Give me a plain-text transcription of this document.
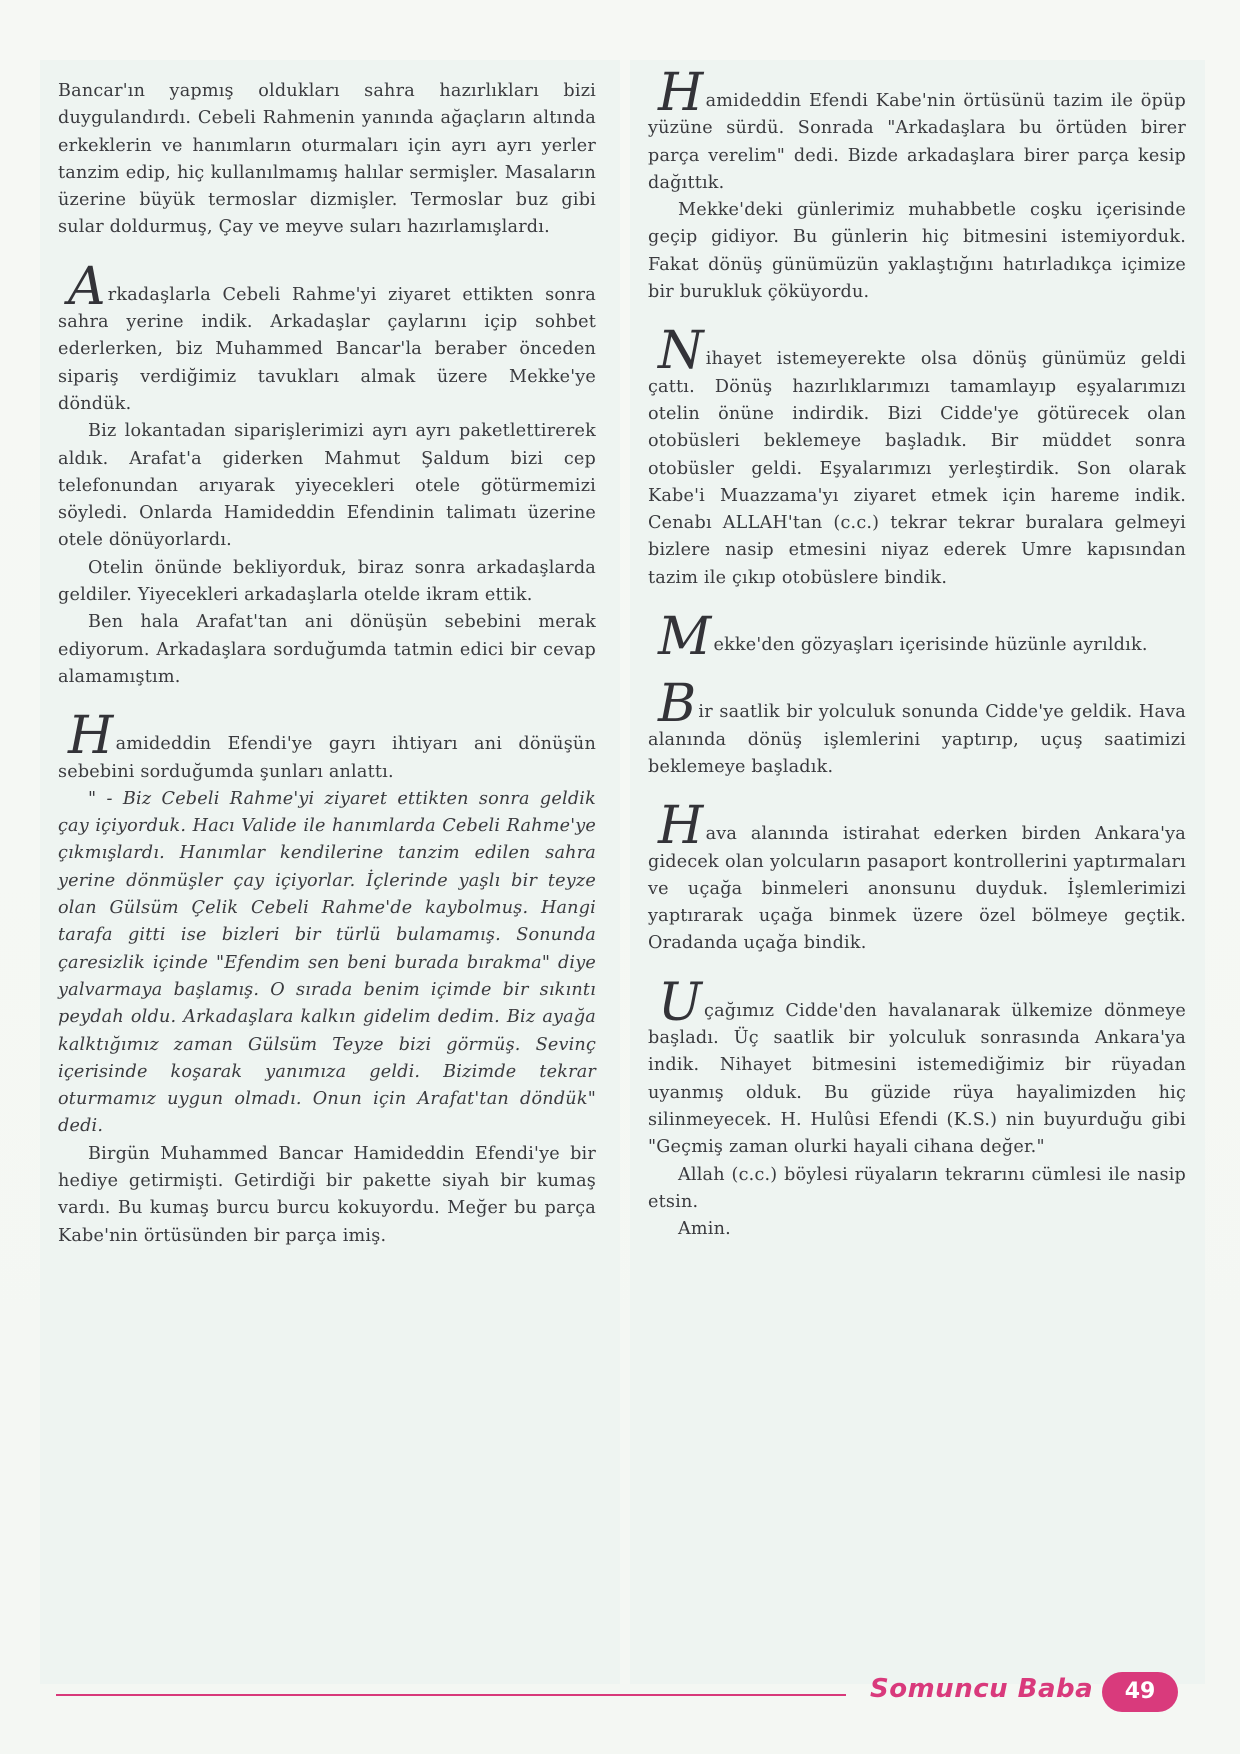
Bancar'ın yapmış oldukları sahra hazırlıkları bizi duygulandırdı. Cebeli Rahmenin yanında ağaçların altında erkeklerin ve hanımların oturmaları için ayrı ayrı yerler tanzim edip, hiç kullanılmamış halılar sermişler. Masaların üzerine büyük termoslar dizmişler. Termoslar buz gibi sular doldurmuş, Çay ve meyve suları hazırlamışlardı.

Arkadaşlarla Cebeli Rahme'yi ziyaret ettikten sonra sahra yerine indik. Arkadaşlar çaylarını içip sohbet ederlerken, biz Muhammed Bancar'la beraber önceden sipariş verdiğimiz tavukları almak üzere Mekke'ye döndük.

Biz lokantadan siparişlerimizi ayrı ayrı paketlettirerek aldık. Arafat'a giderken Mahmut Şaldum bizi cep telefonundan arıyarak yiyecekleri otele götürmemizi söyledi. Onlarda Hamideddin Efendinin talimatı üzerine otele dönüyorlardı.

Otelin önünde bekliyorduk, biraz sonra arkadaşlarda geldiler. Yiyecekleri arkadaşlarla otelde ikram ettik.

Ben hala Arafat'tan ani dönüşün sebebini merak ediyorum. Arkadaşlara sorduğumda tatmin edici bir cevap alamamıştım.

Hamideddin Efendi'ye gayrı ihtiyarı ani dönüşün sebebini sorduğumda şunları anlattı.

" - Biz Cebeli Rahme'yi ziyaret ettikten sonra geldik çay içiyorduk. Hacı Valide ile hanımlarda Cebeli Rahme'ye çıkmışlardı. Hanımlar kendilerine tanzim edilen sahra yerine dönmüşler çay içiyorlar. İçlerinde yaşlı bir teyze olan Gülsüm Çelik Cebeli Rahme'de kaybolmuş. Hangi tarafa gitti ise bizleri bir türlü bulamamış. Sonunda çaresizlik içinde "Efendim sen beni burada bırakma" diye yalvarmaya başlamış. O sırada benim içimde bir sıkıntı peydah oldu. Arkadaşlara kalkın gidelim dedim. Biz ayağa kalktığımız zaman Gülsüm Teyze bizi görmüş. Sevinç içerisinde koşarak yanımıza geldi. Bizimde tekrar oturmamız uygun olmadı. Onun için Arafat'tan döndük" dedi.

Birgün Muhammed Bancar Hamideddin Efendi'ye bir hediye getirmişti. Getirdiği bir pakette siyah bir kumaş vardı. Bu kumaş burcu burcu kokuyordu. Meğer bu parça Kabe'nin örtüsünden bir parça imiş.

Hamideddin Efendi Kabe'nin örtüsünü tazim ile öpüp yüzüne sürdü. Sonrada "Arkadaşlara bu örtüden birer parça verelim" dedi. Bizde arkadaşlara birer parça kesip dağıttık.

Mekke'deki günlerimiz muhabbetle coşku içerisinde geçip gidiyor. Bu günlerin hiç bitmesini istemiyorduk. Fakat dönüş günümüzün yaklaştığını hatırladıkça içimize bir burukluk çöküyordu.

Nihayet istemeyerekte olsa dönüş günümüz geldi çattı. Dönüş hazırlıklarımızı tamamlayıp eşyalarımızı otelin önüne indirdik. Bizi Cidde'ye götürecek olan otobüsleri beklemeye başladık. Bir müddet sonra otobüsler geldi. Eşyalarımızı yerleştirdik. Son olarak Kabe'i Muazzama'yı ziyaret etmek için hareme indik. Cenabı ALLAH'tan (c.c.) tekrar tekrar buralara gelmeyi bizlere nasip etmesini niyaz ederek Umre kapısından tazim ile çıkıp otobüslere bindik.

Mekke'den gözyaşları içerisinde hüzünle ayrıldık.

Bir saatlik bir yolculuk sonunda Cidde'ye geldik. Hava alanında dönüş işlemlerini yaptırıp, uçuş saatimizi beklemeye başladık.

Hava alanında istirahat ederken birden Ankara'ya gidecek olan yolcuların pasaport kontrollerini yaptırmaları ve uçağa binmeleri anonsunu duyduk. İşlemlerimizi yaptırarak uçağa binmek üzere özel bölmeye geçtik. Oradanda uçağa bindik.

Uçağımız Cidde'den havalanarak ülkemize dönmeye başladı. Üç saatlik bir yolculuk sonrasında Ankara'ya indik. Nihayet bitmesini istemediğimiz bir rüyadan uyanmış olduk. Bu güzide rüya hayalimizden hiç silinmeyecek. H. Hulûsi Efendi (K.S.) nin buyurduğu gibi "Geçmiş zaman olurki hayali cihana değer."

Allah (c.c.) böylesi rüyaların tekrarını cümlesi ile nasip etsin.

Amin.

Somuncu Baba	49
